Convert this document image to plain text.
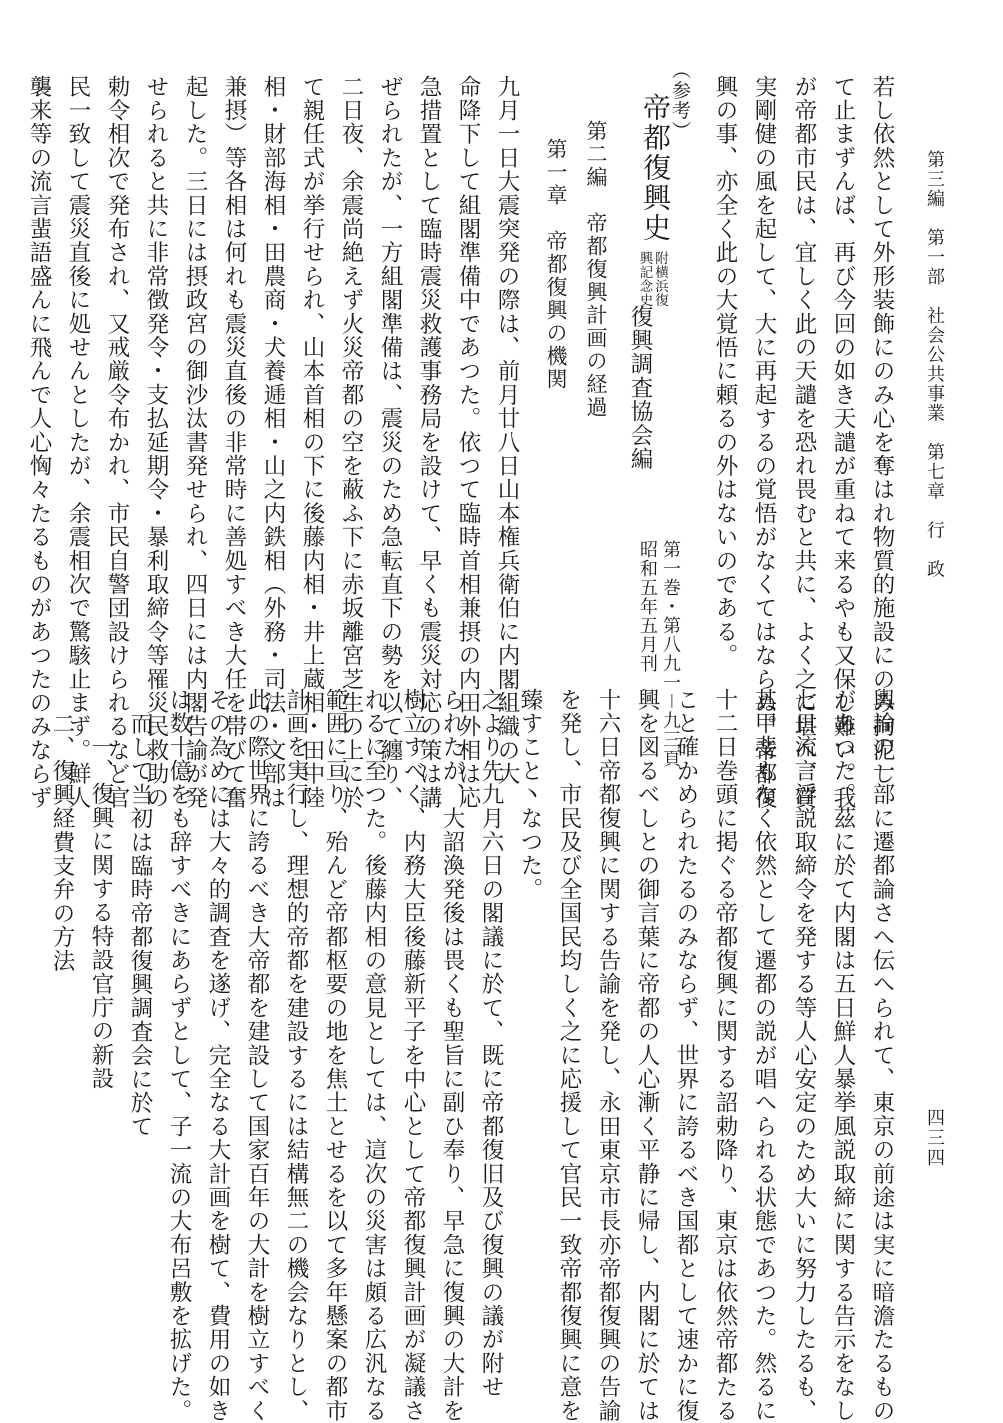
第三編　第一部　社会公共事業　第七章　行　政
四三四
若し依然として外形装飾にのみ心を奪はれ物質的施設にのみ拘泥し
て止まずんば、再び今回の如き天譴が重ねて来るやも又保し難い。我
が帝都市民は、宜しく此の天譴を恐れ畏むと共に、よく之に堪へ、質
実剛健の風を起して、大に再起するの覚悟がなくてはならぬ。帝都復
興の事、亦全く此の大覚悟に頼るの外はないのである。
（参考）
帝都復興史 附横浜復
興記念史
復興調査協会編
第一巻・第八九一－九三頁
昭和五年五月刊
第二編　帝都復興計画の経過
第一章　帝都復興の機関
九月一日大震突発の際は、前月廿八日山本権兵衛伯に内閣組織の大
命降下して組閣準備中であつた。依つて臨時首相兼摂の内田外相は応
急措置として臨時震災救護事務局を設けて、早くも震災対応の策は講
ぜられたが、一方組閣準備は、震災のため急転直下の勢を以て纏り、
二日夜、余震尚絶えず火災帝都の空を蔽ふ下に赤坂離宮芝生の上に於
て親任式が挙行せられ、山本首相の下に後藤内相・井上蔵相・田中陸
相・財部海相・田農商・犬養逓相・山之内鉄相（外務・司法・文部は
兼摂）等各相は何れも震災直後の非常時に善処すべき大任を帯びて奮
起した。三日には摂政宮の御沙汰書発せられ、四日には内閣告諭が発
せられると共に非常徴発令・支払延期令・暴利取締令等罹災民救助の
勅令相次で発布され、又戒厳令布かれ、市民自警団設けられるなど官
民一致して震災直後に処せんとしたが、余震相次で驚駭止まず。鮮人
襲来等の流言蜚語盛んに飛んで人心恟々たるものがあつたのみならず
輿論の一部に遷都論さへ伝へられて、東京の前途は実に暗澹たるもの
があつた。茲に於て内閣は五日鮮人暴挙風説取締に関する告示をなし
七日流言浮説取締令を発する等人心安定のため大いに努力したるも、
其甲斐もなく依然として遷都の説が唱へられる状態であつた。然るに
十二日巻頭に掲ぐる帝都復興に関する詔勅降り、東京は依然帝都たる
こと確かめられたるのみならず、世界に誇るべき国都として速かに復
興を図るべしとの御言葉に帝都の人心漸く平静に帰し、内閣に於ては
十六日帝都復興に関する告諭を発し、永田東京市長亦帝都復興の告諭
を発し、市民及び全国民均しく之に応援して官民一致帝都復興に意を
臻すこと丶なつた。
之より先九月六日の閣議に於て、既に帝都復旧及び復興の議が附せ
られたが、大詔渙発後は畏くも聖旨に副ひ奉り、早急に復興の大計を
樹立すべく、内務大臣後藤新平子を中心として帝都復興計画が凝議さ
れるに至つた。後藤内相の意見としては、這次の災害は頗る広汎なる
範囲に亘り、殆んど帝都枢要の地を焦土とせるを以て多年懸案の都市
計画を実行し、理想的帝都を建設するには結構無二の機会なりとし、
此の際世界に誇るべき大帝都を建設して国家百年の大計を樹立すべく
その為めには大々的調査を遂げ、完全なる大計画を樹て、費用の如き
は数十億をも辞すべきにあらずとして、子一流の大布呂敷を拡げた。
而して当初は臨時帝都復興調査会に於て
一、復興に関する特設官庁の新設
二、復興経費支弁の方法
